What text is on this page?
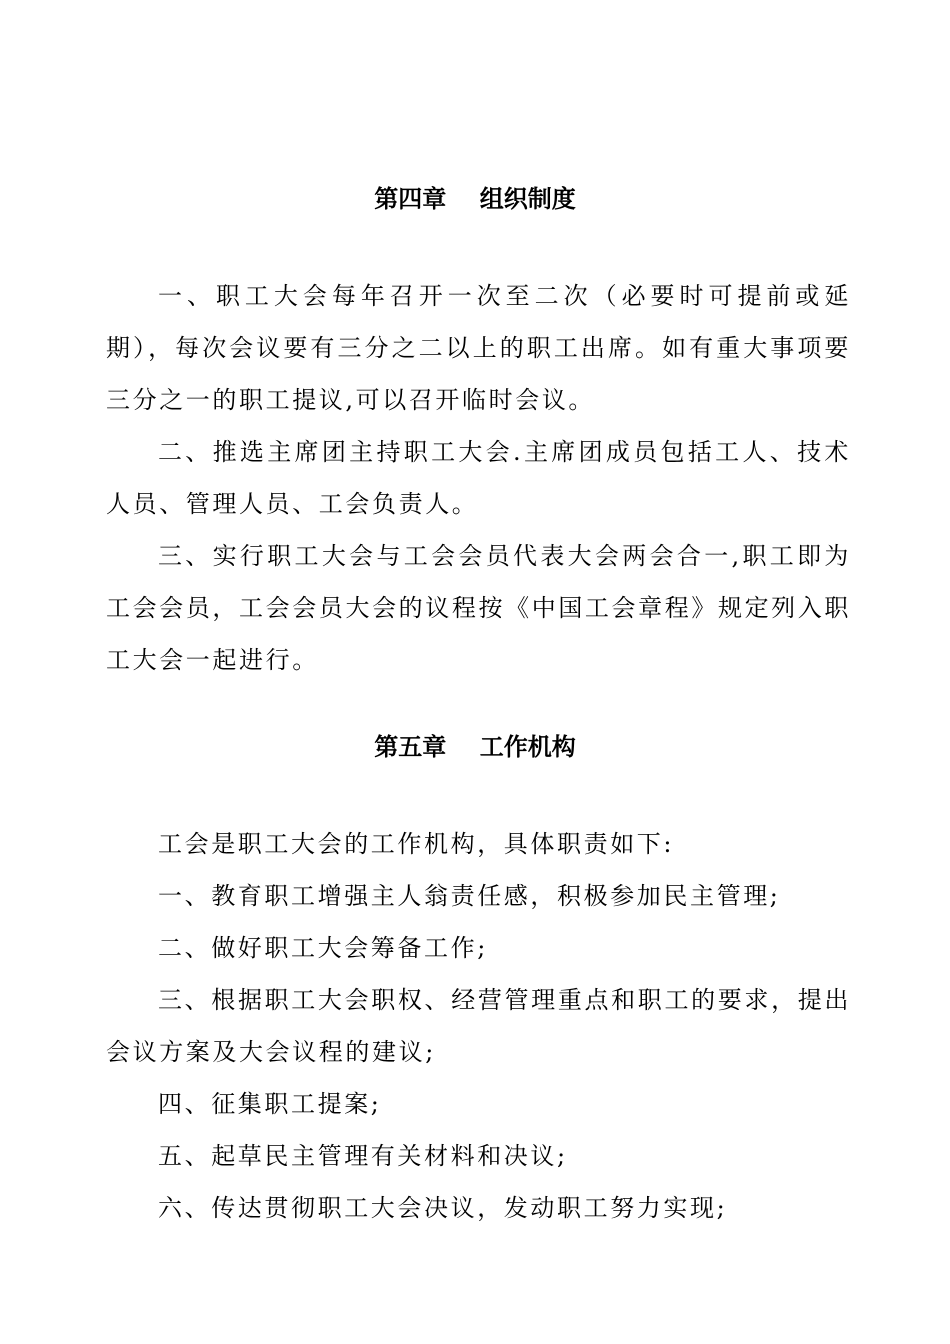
第四章    组织制度

一、职工大会每年召开一次至二次（必要时可提前或延期），每次会议要有三分之二以上的职工出席。如有重大事项要三分之一的职工提议,可以召开临时会议。

二、推选主席团主持职工大会.主席团成员包括工人、技术人员、管理人员、工会负责人。

三、实行职工大会与工会会员代表大会两会合一,职工即为工会会员，工会会员大会的议程按《中国工会章程》规定列入职工大会一起进行。

第五章    工作机构

工会是职工大会的工作机构，具体职责如下:

一、教育职工增强主人翁责任感，积极参加民主管理;

二、做好职工大会筹备工作;

三、根据职工大会职权、经营管理重点和职工的要求，提出会议方案及大会议程的建议;

四、征集职工提案;

五、起草民主管理有关材料和决议;

六、传达贯彻职工大会决议，发动职工努力实现;
